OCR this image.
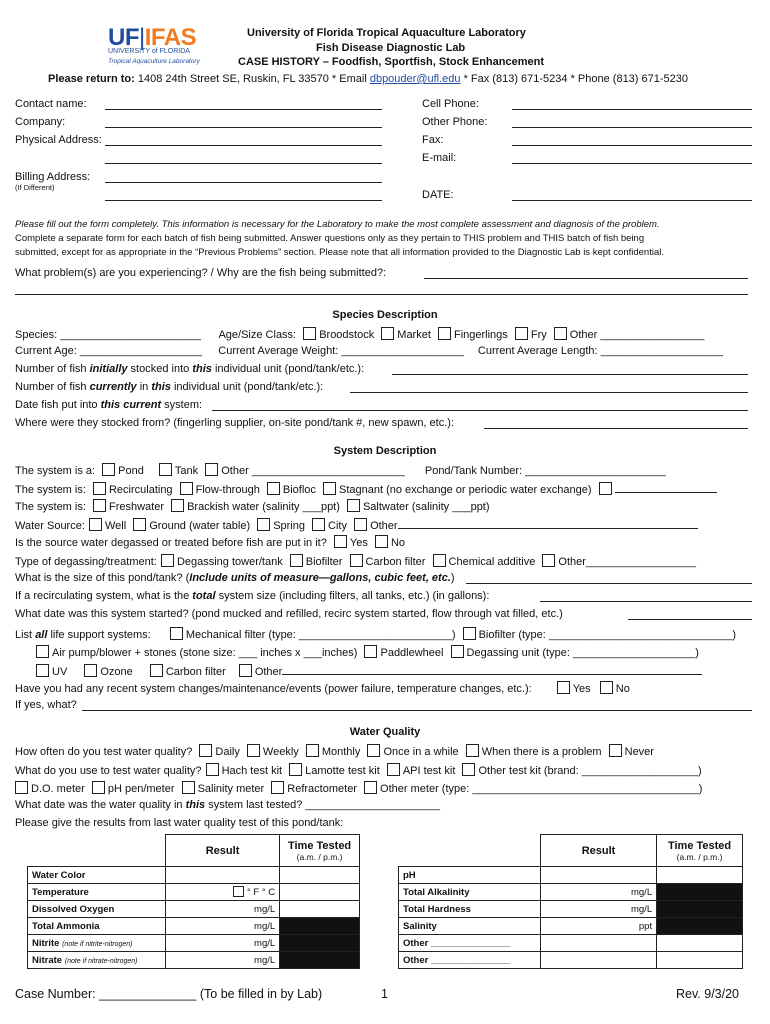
UF|IFAS
UNIVERSITY of FLORIDA
Tropical Aquaculture Laboratory
University of Florida Tropical Aquaculture Laboratory
Fish Disease Diagnostic Lab
CASE HISTORY – Foodfish, Sportfish, Stock Enhancement
Please return to: 1408 24th Street SE, Ruskin, FL 33570 * Email dbpouder@ufl.edu * Fax (813) 671-5234 * Phone (813) 671-5230
Contact name:
Company:
Physical Address:
Billing Address:
(If Different)
Cell Phone:
Other Phone:
Fax:
E-mail:
DATE:
Please fill out the form completely. This information is necessary for the Laboratory to make the most complete assessment and diagnosis of the problem.
Complete a separate form for each batch of fish being submitted. Answer questions only as they pertain to THIS problem and THIS batch of fish being
submitted, except for as appropriate in the “Previous Problems” section. Please note that all information provided to the Diagnostic Lab is kept confidential.
What problem(s) are you experiencing? / Why are the fish being submitted?:
Species Description
Species: _______________________ Age/Size Class: Broodstock Market Fingerlings Fry Other _________________
Current Age: ____________________ Current Average Weight: ____________________ Current Average Length: ____________________
Number of fish initially stocked into this individual unit (pond/tank/etc.):
Number of fish currently in this individual unit (pond/tank/etc.):
Date fish put into this current system:
Where were they stocked from? (fingerling supplier, on-site pond/tank #, new spawn, etc.):
System Description
The system is a: Pond	Tank Other _________________________ Pond/Tank Number: _______________________
The system is: Recirculating Flow-through Biofloc Stagnant (no exchange or periodic water exchange)
The system is: Freshwater Brackish water (salinity ___ppt) Saltwater (salinity ___ppt)
Water Source: Well Ground (water table) Spring City Other
Is the source water degassed or treated before fish are put in it? Yes No
Type of degassing/treatment: Degassing tower/tank Biofilter Carbon filter Chemical additive Other__________________
What is the size of this pond/tank? (Include units of measure—gallons, cubic feet, etc.)
If a recirculating system, what is the total system size (including filters, all tanks, etc.) (in gallons):
What date was this system started? (pond mucked and refilled, recirc system started, flow through vat filled, etc.)
List all life support systems:	Mechanical filter (type: _________________________) Biofilter (type: ______________________________)
Air pump/blower + stones (stone size: ___ inches x ___inches) Paddlewheel Degassing unit (type: ____________________)
UV	Ozone	Carbon filter	Other
Have you had any recent system changes/maintenance/events (power failure, temperature changes, etc.):	Yes No
If yes, what?
Water Quality
How often do you test water quality? Daily Weekly Monthly Once in a while When there is a problem Never
What do you use to test water quality? Hach test kit Lamotte test kit API test kit Other test kit (brand: ___________________)
D.O. meter pH pen/meter Salinity meter Refractometer Other meter (type: _____________________________________)
What date was the water quality in this system last tested? ______________________
Please give the results from last water quality test of this pond/tank:
	Result	Time Tested
(a.m. / p.m.)

Water Color		
Temperature	° F ° C	
Dissolved Oxygen	mg/L	
Total Ammonia	mg/L	
Nitrite (note if nitrite-nitrogen)	mg/L	
Nitrate (note if nitrate-nitrogen)	mg/L	
	Result	Time Tested
(a.m. / p.m.)

pH		
Total Alkalinity	mg/L	
Total Hardness	mg/L	
Salinity	ppt	
Other _______________		
Other _______________		
Case Number: ______________ (To be filled in by Lab)	1	Rev. 9/3/20
